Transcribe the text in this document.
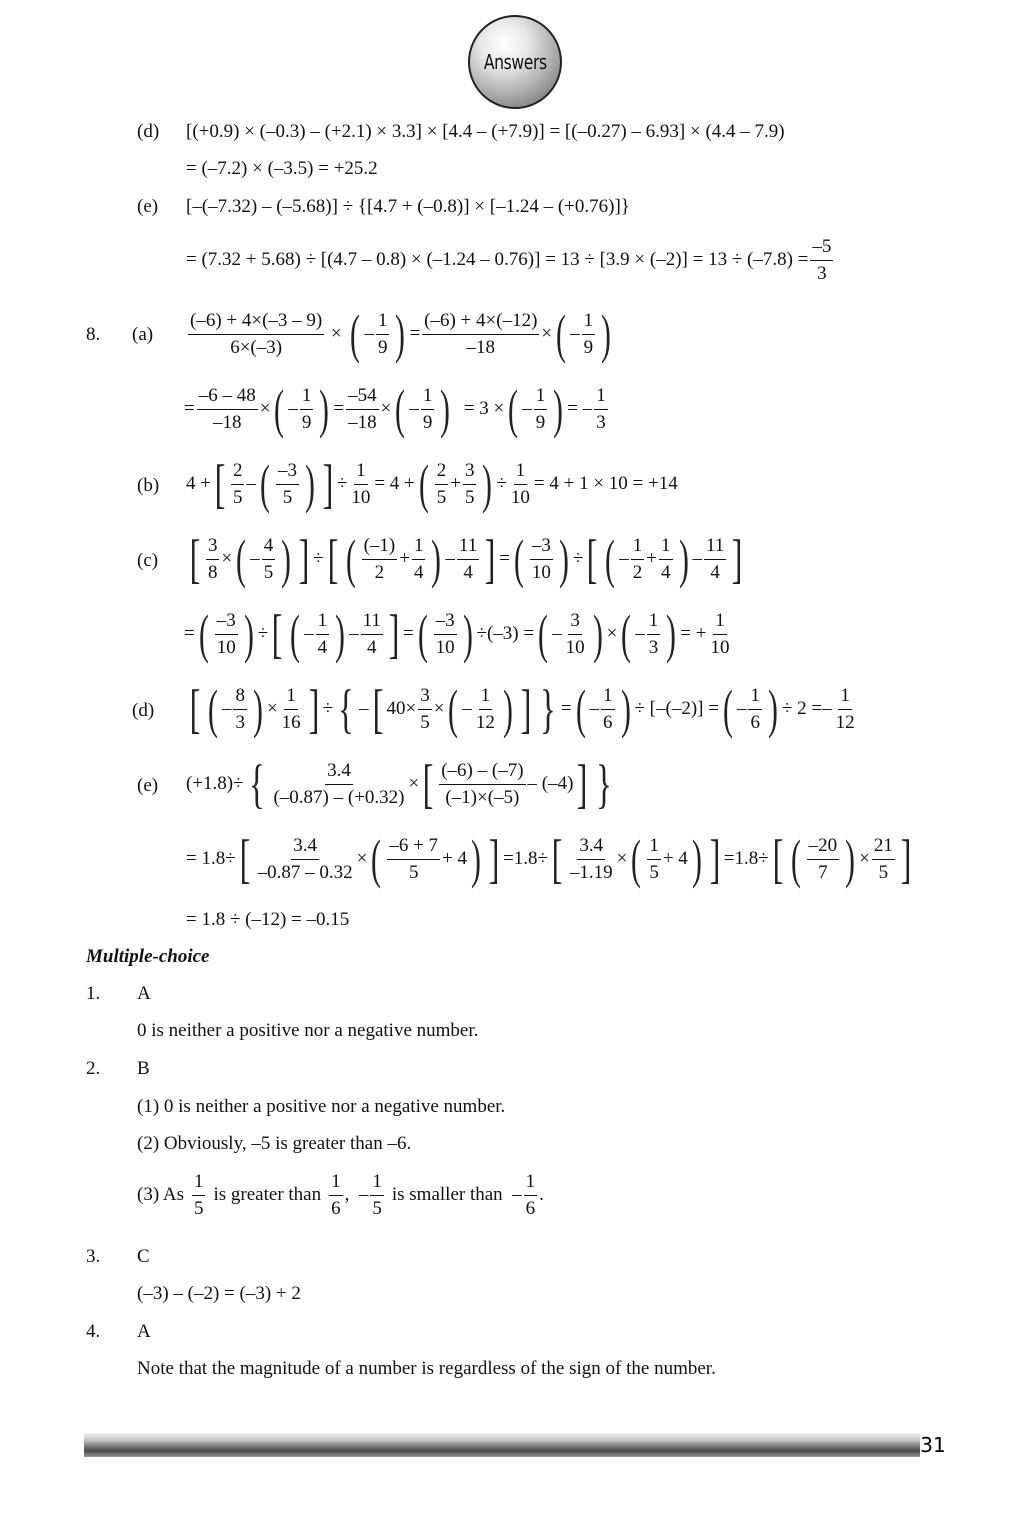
Answers
(d) [(+0.9) × (–0.3) – (+2.1) × 3.3] × [4.4 – (+7.9)] = [(–0.27) – 6.93] × (4.4 – 7.9)
= (–7.2) × (–3.5) = +25.2
(e) [–(–7.32) – (–5.68)] ÷ {[4.7 + (–0.8)] × [–1.24 – (+0.76)]}
= $(7.32 + 5.68) \div [(4.7 - 0.8) \times (-1.24 - 0.76)] = 13 \div [3.9 \times (-2)] = 13 \div (-7.8) = \frac{-5}{3}$
8. $(a) \frac{(-6) + 4\times(-3 - 9)}{6\times(-3)}$ × ( –
1
9 ) = $\frac{(-6) + 4\times(-12)}{-18}$ × ( –
1
9 )
= $\frac{-6 - 48}{-18}$ × ( –
1
9 ) = $\frac{-54}{-18}$ × ( –
1
9 )
= 3 × ( –
1
9 ) = –
1
3
(b) 4 + [ 2
5
– ( –3
5 ) ] ÷ $\frac{1}{10} = 4$ + ( 2
5
+
3
5 ) ÷ $\frac{1}{10} = 4 + 1 \times 10 = +14$
(c) [ 3
8
× ( –
4
5 ) ] ÷ [ ( (–1)
2
+
1
4 ) –
11
4 ] = ( –3
10 ) ÷ [ ( –
1
2
+
1
4 ) –
11
4 ]
= ( –3
10 ) ÷ [ ( –
1
4 ) –
11
4 ] = ( –3
10 ) ÷(–3) = ( –
3
10 ) × ( –
1
3 ) = + $\frac{1}{10}$
(d) [ ( –
8
3 ) ×
1
16 ] ÷ { – [ 40×
3
5
× ( –
1
12 ) ] } = ( –
1
6 ) ÷ [–(–2)] = ( –
1
6 ) ÷ 2 = –
1
12
(e) (+1.8)÷ { $\frac{3.4}{(-0.87) - (+0.32)}$ × [ $\frac{(-6) - (-7)}{(-1)\times(-5)} - (-4)$ ] }
= 1.8÷ [ $\frac{3.4}{-0.87 - 0.32}$ × ( $\frac{-6 + 7}{5} + 4$ ) ] =1.8÷ [ $\frac{3.4}{-1.19}$ × ( 1
5
+ 4 ) ] =1.8÷ [ ( $\frac{-20}{7}$ ) × $\frac{21}{5}$ ]
= 1.8 ÷ (–12) = –0.15
Multiple-choice
1. A
0 is neither a positive nor a negative number.
2. B
(1) 0 is neither a positive nor a negative number.
(2) Obviously, –5 is greater than –6.
(3) As
1
5
is greater than
1
6
,  –
1
5
is smaller than –
1
6
.
3. C
(–3) – (–2) = (–3) + 2
4. A
Note that the magnitude of a number is regardless of the sign of the number.
31
